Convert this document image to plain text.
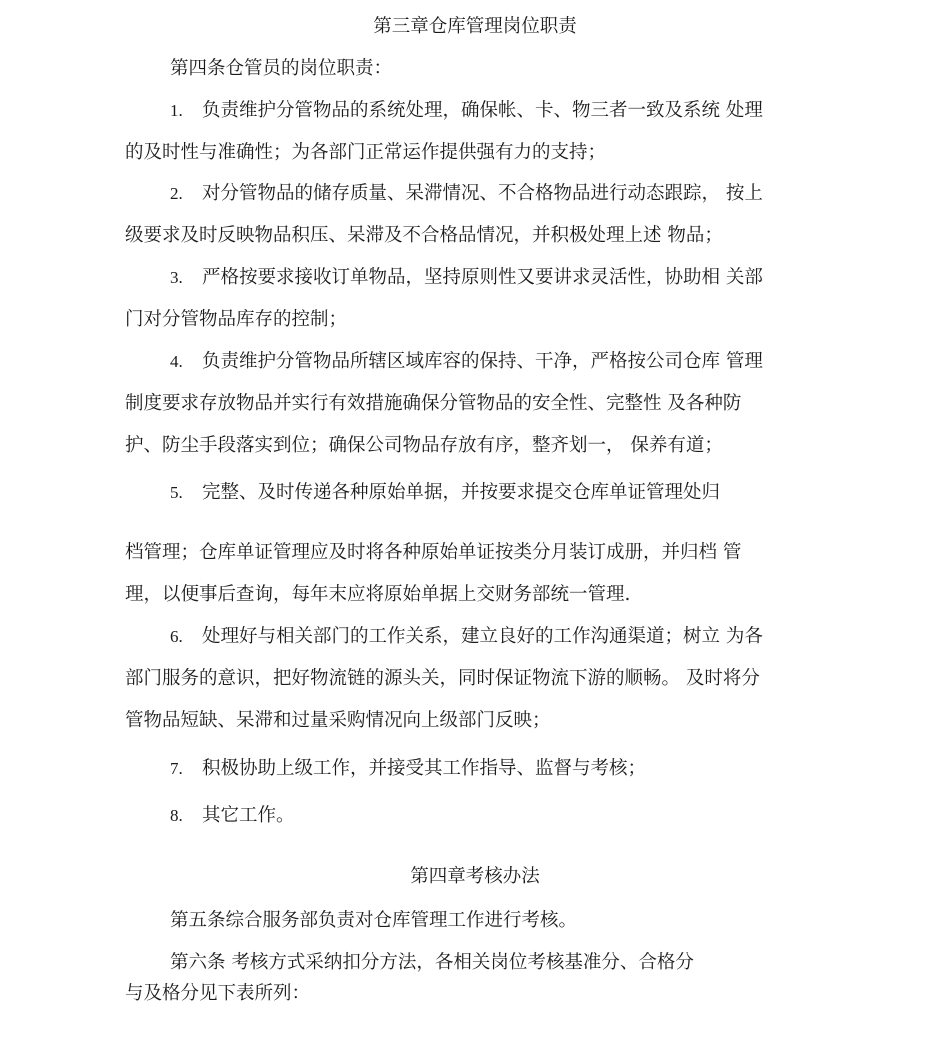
第三章仓库管理岗位职责
第四条仓管员的岗位职责：
1. 负责维护分管物品的系统处理，确保帐、卡、物三者一致及系统 处理
的及时性与准确性；为各部门正常运作提供强有力的支持；
2. 对分管物品的储存质量、呆滞情况、不合格物品进行动态跟踪， 按上
级要求及时反映物品积压、呆滞及不合格品情况，并积极处理上述 物品；
3. 严格按要求接收订单物品，坚持原则性又要讲求灵活性，协助相 关部
门对分管物品库存的控制；
4. 负责维护分管物品所辖区域库容的保持、干净，严格按公司仓库 管理
制度要求存放物品并实行有效措施确保分管物品的安全性、完整性 及各种防
护、防尘手段落实到位；确保公司物品存放有序，整齐划一， 保养有道；
5. 完整、及时传递各种原始单据，并按要求提交仓库单证管理处归
档管理；仓库单证管理应及时将各种原始单证按类分月装订成册，并归档 管
理，以便事后查询，每年末应将原始单据上交财务部统一管理.
6. 处理好与相关部门的工作关系，建立良好的工作沟通渠道；树立 为各
部门服务的意识，把好物流链的源头关，同时保证物流下游的顺畅。 及时将分
管物品短缺、呆滞和过量采购情况向上级部门反映；
7. 积极协助上级工作，并接受其工作指导、监督与考核；
8. 其它工作。
第四章考核办法
第五条综合服务部负责对仓库管理工作进行考核。
第六条 考核方式采纳扣分方法，各相关岗位考核基准分、合格分
与及格分见下表所列：
